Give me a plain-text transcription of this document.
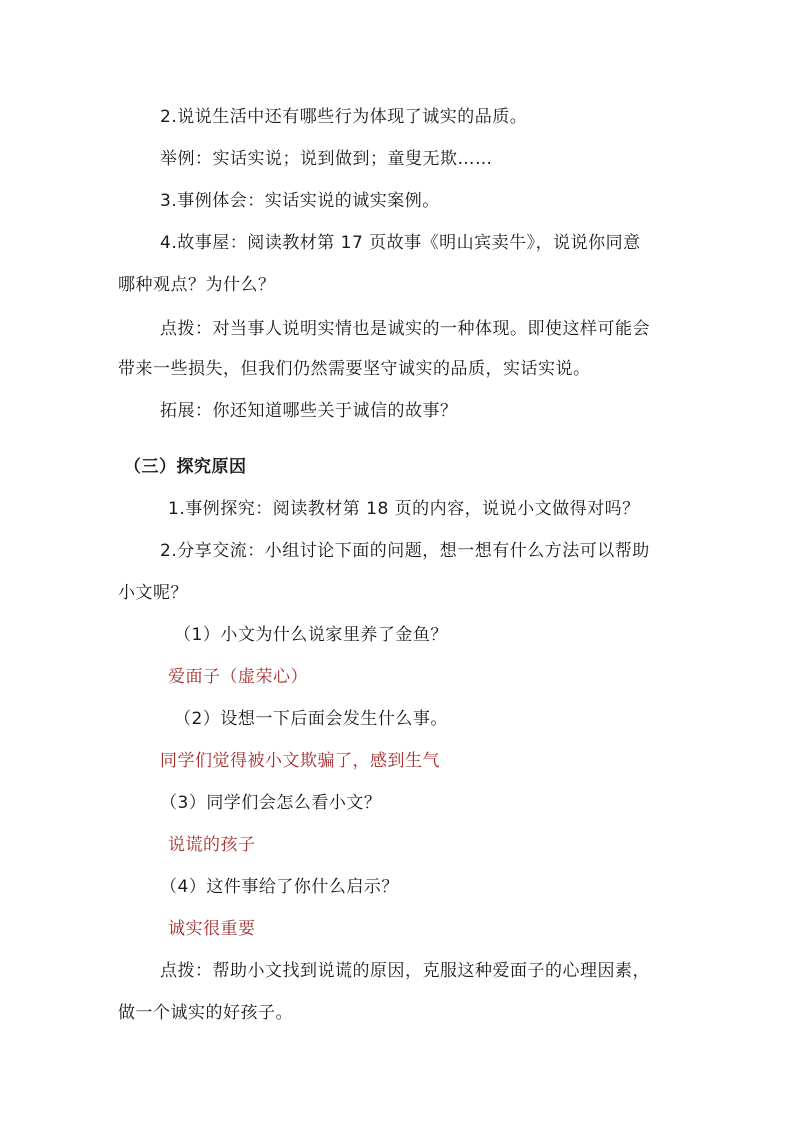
2.说说生活中还有哪些行为体现了诚实的品质。
举例：实话实说；说到做到；童叟无欺……
3.事例体会：实话实说的诚实案例。
4.故事屋：阅读教材第 17 页故事《明山宾卖牛》，说说你同意
哪种观点？为什么？
点拨：对当事人说明实情也是诚实的一种体现。即使这样可能会
带来一些损失，但我们仍然需要坚守诚实的品质，实话实说。
拓展：你还知道哪些关于诚信的故事？
（三）探究原因
1.事例探究：阅读教材第 18 页的内容，说说小文做得对吗？
2.分享交流：小组讨论下面的问题，想一想有什么方法可以帮助
小文呢？
（1）小文为什么说家里养了金鱼？
爱面子（虚荣心）
（2）设想一下后面会发生什么事。
同学们觉得被小文欺骗了，感到生气
（3）同学们会怎么看小文？
说谎的孩子
（4）这件事给了你什么启示？
诚实很重要
点拨：帮助小文找到说谎的原因，克服这种爱面子的心理因素，
做一个诚实的好孩子。
